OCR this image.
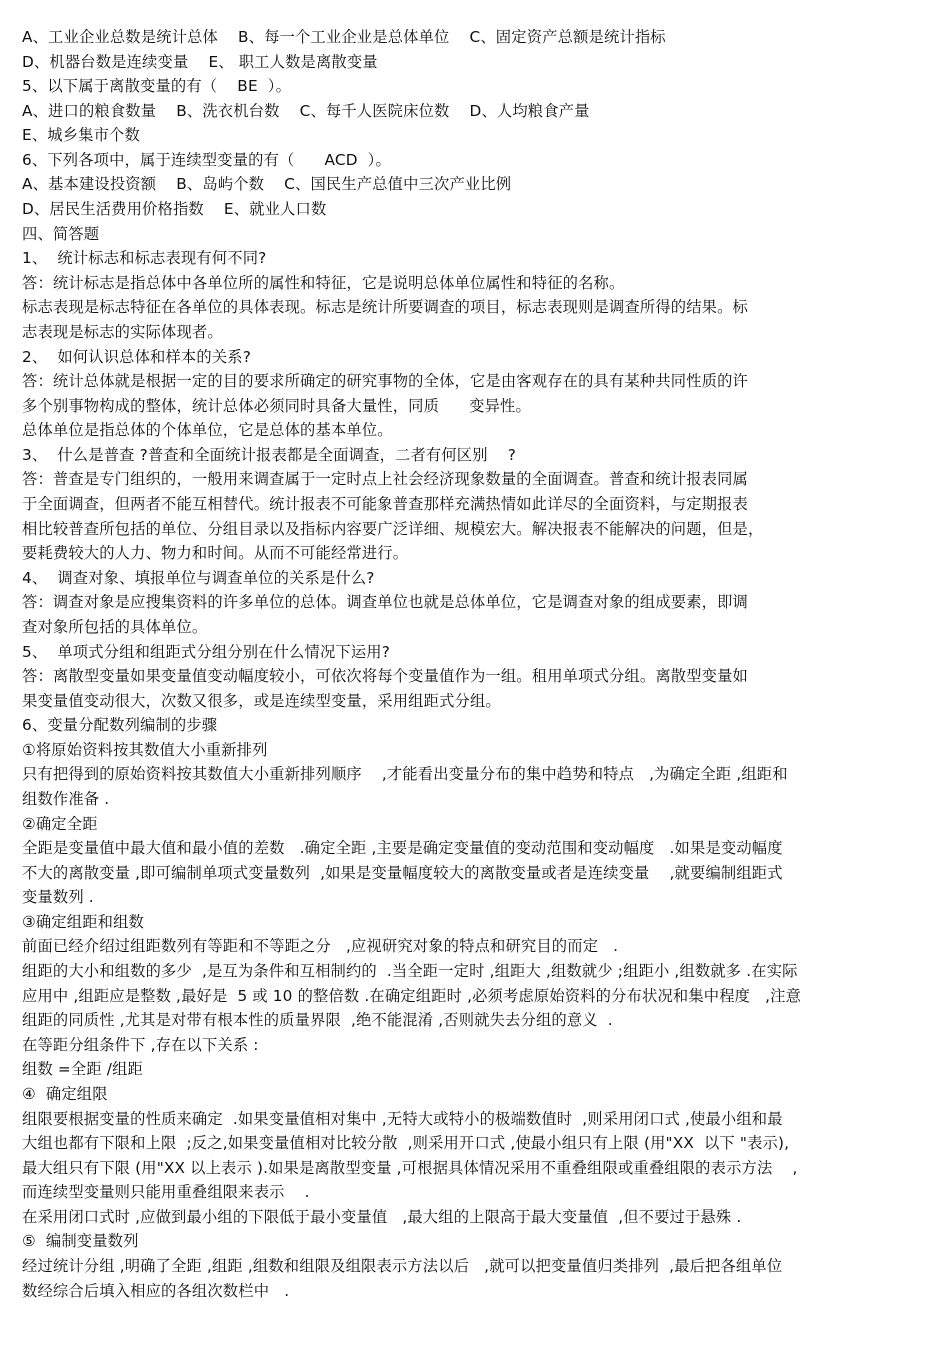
A、工业企业总数是统计总体    B、每一个工业企业是总体单位    C、固定资产总额是统计指标

D、机器台数是连续变量    E、 职工人数是离散变量

5、以下属于离散变量的有（    BE  ）。

A、进口的粮食数量    B、洗衣机台数    C、每千人医院床位数    D、人均粮食产量

E、城乡集市个数

6、下列各项中，属于连续型变量的有（      ACD  ）。

A、基本建设投资额    B、岛屿个数    C、国民生产总值中三次产业比例

D、居民生活费用价格指数    E、就业人口数

四、简答题

1、  统计标志和标志表现有何不同?

答：统计标志是指总体中各单位所的属性和特征，它是说明总体单位属性和特征的名称。

标志表现是标志特征在各单位的具体表现。标志是统计所要调查的项目，标志表现则是调查所得的结果。标

志表现是标志的实际体现者。

2、  如何认识总体和样本的关系?

答：统计总体就是根据一定的目的要求所确定的研究事物的全体，它是由客观存在的具有某种共同性质的许

多个别事物构成的整体，统计总体必须同时具备大量性，同质      变异性。

总体单位是指总体的个体单位，它是总体的基本单位。

3、  什么是普查 ?普查和全面统计报表都是全面调查，二者有何区别    ?

答：普查是专门组织的，一般用来调查属于一定时点上社会经济现象数量的全面调查。普查和统计报表同属

于全面调查，但两者不能互相替代。统计报表不可能象普查那样充满热情如此详尽的全面资料，与定期报表

相比较普查所包括的单位、分组目录以及指标内容要广泛详细、规模宏大。解决报表不能解决的问题，但是，

要耗费较大的人力、物力和时间。从而不可能经常进行。

4、  调查对象、填报单位与调查单位的关系是什么?

答：调查对象是应搜集资料的许多单位的总体。调查单位也就是总体单位，它是调查对象的组成要素，即调

查对象所包括的具体单位。

5、  单项式分组和组距式分组分别在什么情况下运用?

答：离散型变量如果变量值变动幅度较小，可依次将每个变量值作为一组。租用单项式分组。离散型变量如

果变量值变动很大，次数又很多，或是连续型变量，采用组距式分组。

6、变量分配数列编制的步骤

①将原始资料按其数值大小重新排列

只有把得到的原始资料按其数值大小重新排列顺序    ,才能看出变量分布的集中趋势和特点   ,为确定全距 ,组距和

组数作准备 .

②确定全距

全距是变量值中最大值和最小值的差数   .确定全距 ,主要是确定变量值的变动范围和变动幅度   .如果是变动幅度

不大的离散变量 ,即可编制单项式变量数列  ,如果是变量幅度较大的离散变量或者是连续变量    ,就要编制组距式

变量数列 .

③确定组距和组数

前面已经介绍过组距数列有等距和不等距之分   ,应视研究对象的特点和研究目的而定   .

组距的大小和组数的多少  ,是互为条件和互相制约的  .当全距一定时 ,组距大 ,组数就少 ;组距小 ,组数就多 .在实际

应用中 ,组距应是整数 ,最好是  5 或 10 的整倍数 .在确定组距时 ,必须考虑原始资料的分布状况和集中程度   ,注意

组距的同质性 ,尤其是对带有根本性的质量界限  ,绝不能混淆 ,否则就失去分组的意义  .

在等距分组条件下 ,存在以下关系 :

组数 =全距 /组距

④  确定组限

组限要根据变量的性质来确定  .如果变量值相对集中 ,无特大或特小的极端数值时  ,则采用闭口式 ,使最小组和最

大组也都有下限和上限  ;反之,如果变量值相对比较分散  ,则采用开口式 ,使最小组只有上限 (用"XX  以下 "表示),

最大组只有下限 (用"XX 以上表示 ).如果是离散型变量 ,可根据具体情况采用不重叠组限或重叠组限的表示方法    ,

而连续型变量则只能用重叠组限来表示    .

在采用闭口式时 ,应做到最小组的下限低于最小变量值   ,最大组的上限高于最大变量值  ,但不要过于悬殊 .

⑤  编制变量数列

经过统计分组 ,明确了全距 ,组距 ,组数和组限及组限表示方法以后   ,就可以把变量值归类排列  ,最后把各组单位

数经综合后填入相应的各组次数栏中   .
